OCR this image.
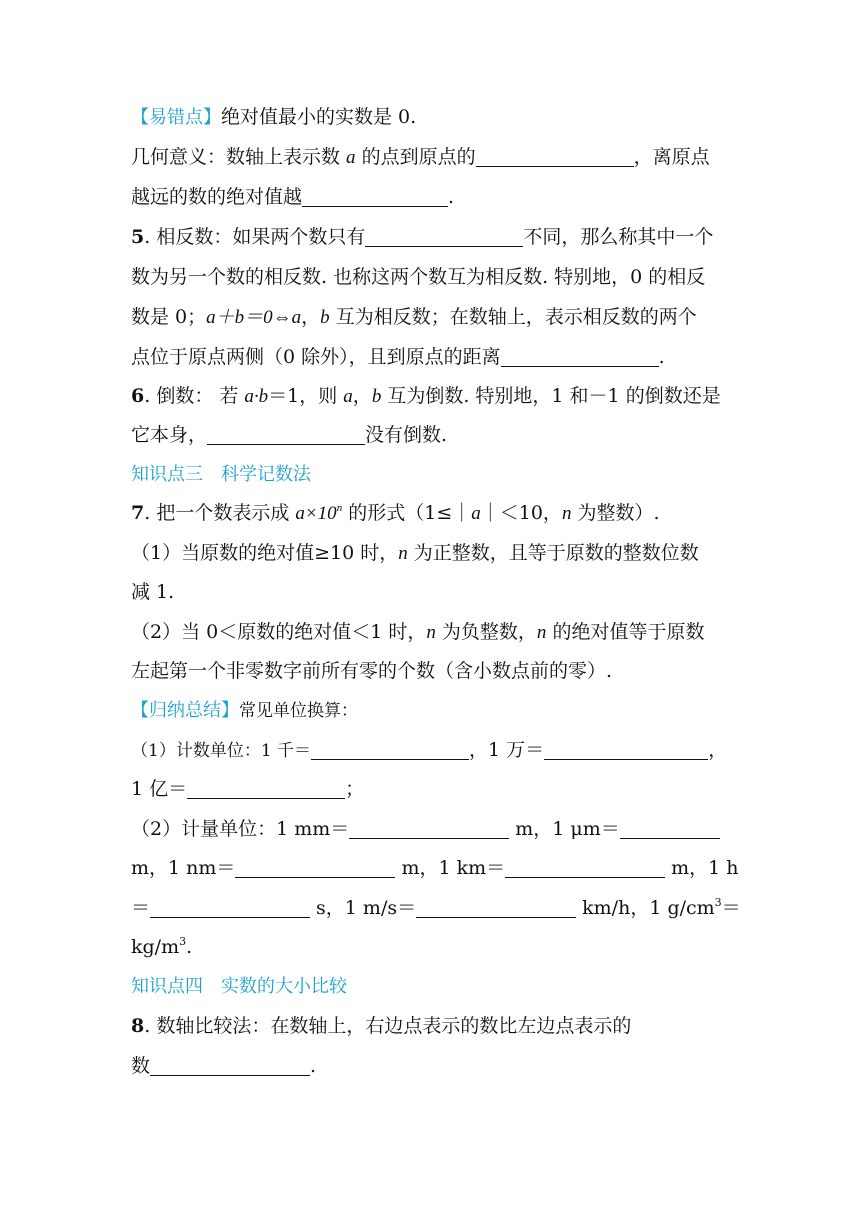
【易错点】绝对值最小的实数是 0.
几何意义：数轴上表示数 a 的点到原点的	，离原点
越远的数的绝对值越	.
5. 相反数：如果两个数只有	不同，那么称其中一个
数为另一个数的相反数. 也称这两个数互为相反数. 特别地，0 的相反
数是 0；a＋b＝0⇔a，b 互为相反数；在数轴上，表示相反数的两个
点位于原点两侧（0 除外），且到原点的距离	.
6. 倒数： 若 a·b＝1，则 a，b 互为倒数. 特别地，1 和－1 的倒数还是
它本身，	没有倒数.
知识点三　科学记数法
7. 把一个数表示成 $a\times 10^n$ 的形式（1≤｜a｜＜10，n 为整数）.
（1）当原数的绝对值≥10 时，n 为正整数，且等于原数的整数位数
减 1.
（2）当 0＜原数的绝对值＜1 时，n 为负整数，n 的绝对值等于原数
左起第一个非零数字前所有零的个数（含小数点前的零）.
【归纳总结】常见单位换算：
（1）计数单位：1 千＝	，1 万＝	，
1 亿＝	；
（2）计量单位：1 mm＝	m，1 μm＝
m，1 nm＝	m，1 km＝	m，1 h
＝	s，1 m/s＝	km/h，1 $g/cm^3=$
$kg/m^3$.
知识点四　实数的大小比较
8. 数轴比较法：在数轴上，右边点表示的数比左边点表示的
数	.
